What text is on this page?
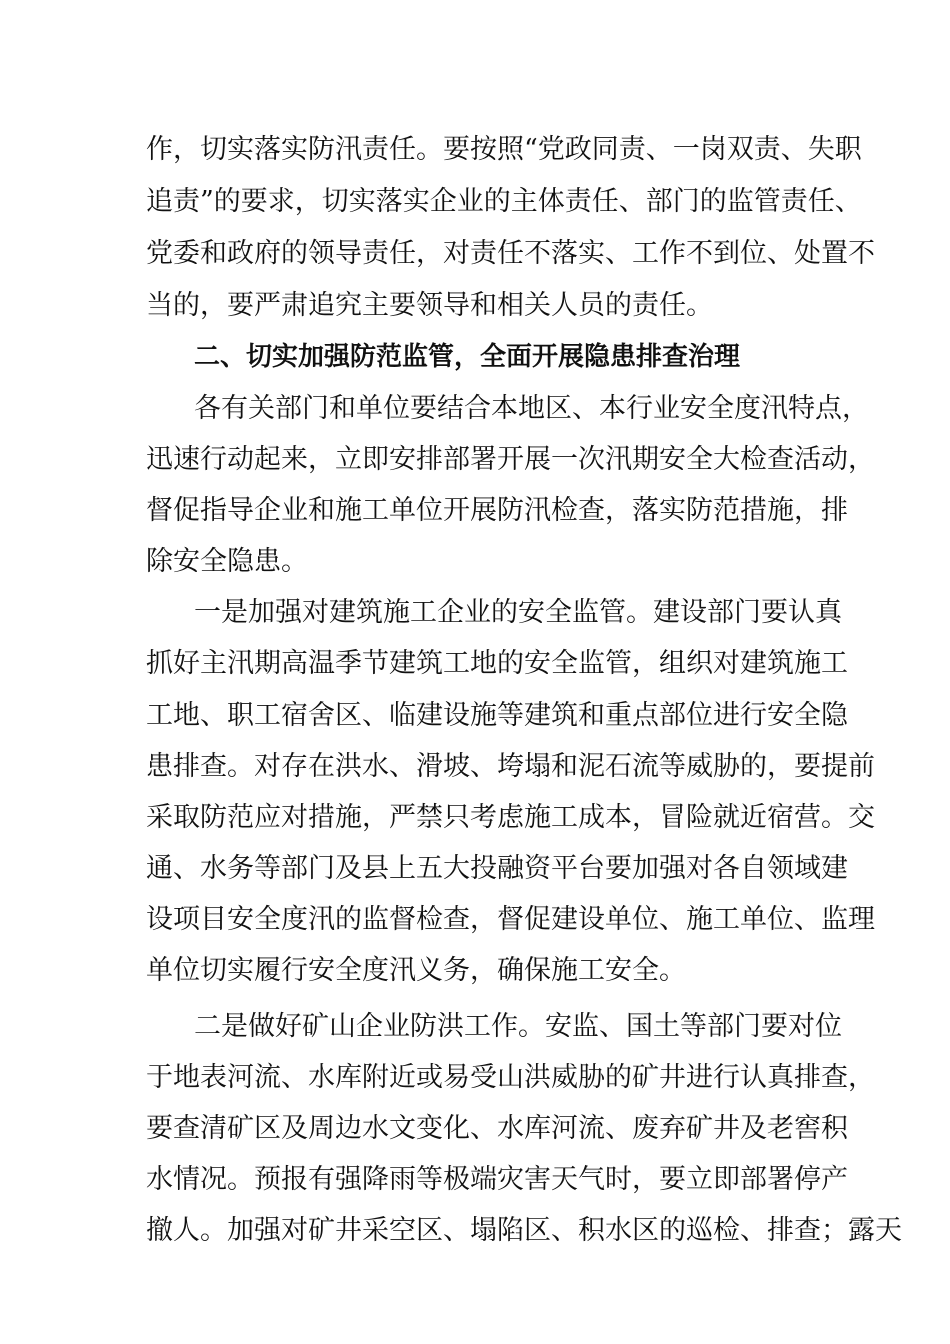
作，切实落实防汛责任。要按照“党政同责、一岗双责、失职
追责”的要求，切实落实企业的主体责任、部门的监管责任、
党委和政府的领导责任，对责任不落实、工作不到位、处置不
当的，要严肃追究主要领导和相关人员的责任。
二、切实加强防范监管，全面开展隐患排查治理
各有关部门和单位要结合本地区、本行业安全度汛特点，
迅速行动起来，立即安排部署开展一次汛期安全大检查活动，
督促指导企业和施工单位开展防汛检查，落实防范措施，排
除安全隐患。
一是加强对建筑施工企业的安全监管。建设部门要认真
抓好主汛期高温季节建筑工地的安全监管，组织对建筑施工
工地、职工宿舍区、临建设施等建筑和重点部位进行安全隐
患排查。对存在洪水、滑坡、垮塌和泥石流等威胁的，要提前
采取防范应对措施，严禁只考虑施工成本，冒险就近宿营。交
通、水务等部门及县上五大投融资平台要加强对各自领域建
设项目安全度汛的监督检查，督促建设单位、施工单位、监理
单位切实履行安全度汛义务，确保施工安全。
二是做好矿山企业防洪工作。安监、国土等部门要对位
于地表河流、水库附近或易受山洪威胁的矿井进行认真排查，
要查清矿区及周边水文变化、水库河流、废弃矿井及老窖积
水情况。预报有强降雨等极端灾害天气时，要立即部署停产
撤人。加强对矿井采空区、塌陷区、积水区的巡检、排查；露天
